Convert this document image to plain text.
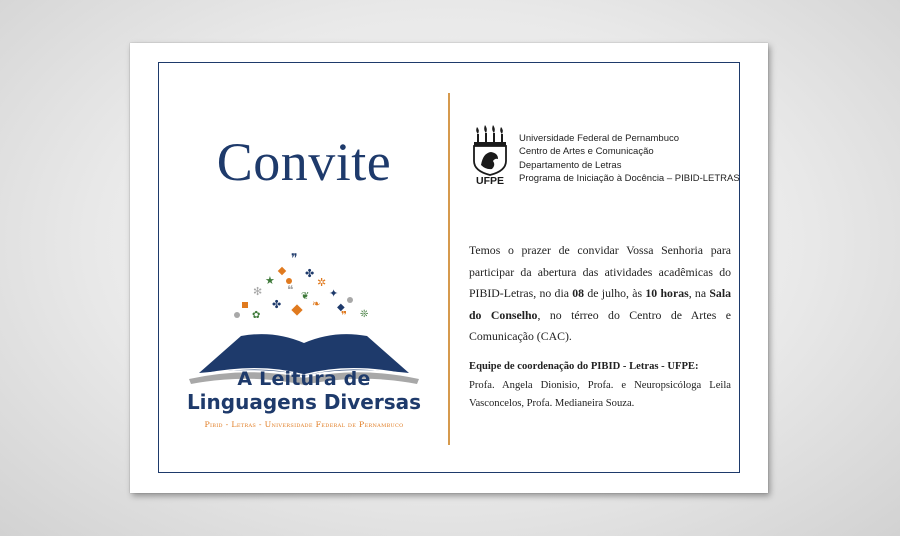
Convite
❞
✤
★	✲
✻ ❝ ❦ ✦
✤	❧ ◆
✿	❞ ❊
A Leitura de
Linguagens Diversas
Pibid - Letras - Universidade Federal de Pernambuco
UFPE
Universidade Federal de Pernambuco
Centro de Artes e Comunicação
Departamento de Letras
Programa de Iniciação à Docência – PIBID-LETRAS
Temos o prazer de convidar Vossa Senhoria para participar da abertura das atividades acadêmicas do PIBID-Letras, no dia 08 de julho, às 10 horas, na Sala do Conselho, no térreo do Centro de Artes e Comunicação (CAC).
Equipe de coordenação do PIBID - Letras - UFPE:
Profa. Angela Dionisio, Profa. e Neuropsicóloga Leila Vasconcelos, Profa. Medianeira Souza.
